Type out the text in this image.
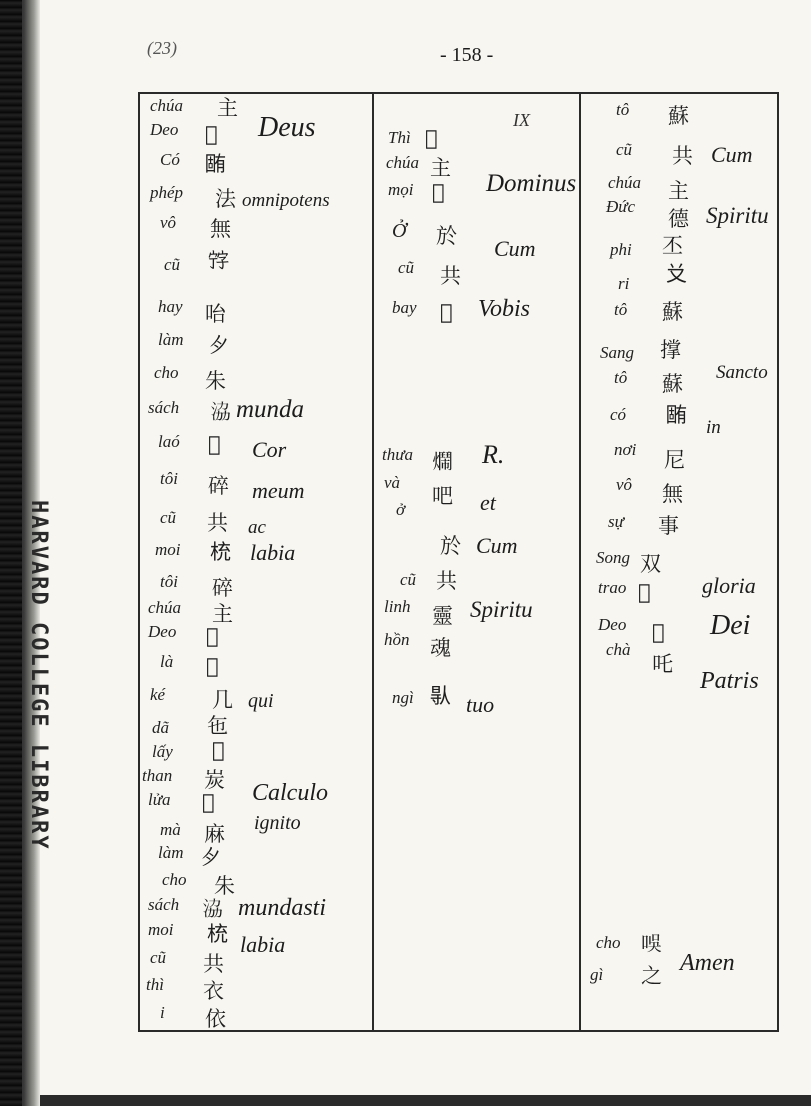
HARVARD COLLEGE LIBRARY
(23)	- 158 -
IX
chúa
Deo
Có
phép
vô
cũ
hay
làm
cho
sách
laó
tôi
cũ
moi
tôi
chúa
Deo
là
ké
dã
lấy
than
lửa
mà
làm
cho
sách
moi
cũ
thì
i
主
𢀨
𣎏
法
無
𡨸
咍
𫜵
朱
𣴚
𢚸
碎
共
𣑁
碎
主
𢀨
𪜀
几
㐌
𥙩
炭
𤈜
麻
𫜵
朱
𣴚
𣑁
共
衣
依
Deus
omnipotens
munda
Cor
meum
ac
labia
qui
Calculo
ignito
mundasti
labia
Thì
chúa
mọi
Ở
cũ
bay
thưa
và
ở
cũ
linh
hồn
ngì
𣅶
主
𢀨
於
共
𤳇
𤐛
吧
於
共
靈
魂
𠊛
Dominus
Cum
Vobis
R.
et
Cum
Spiritu
tuo
tô
cũ
chúa
Đức
phi
ri
tô
Sang
tô
có
nơi
vô
sự
Song
trao
Deo
chà
cho
gì
蘇
共
主
德
丕
𠬠
蘇
撑
蘇
𣎏
尼
無
事
双
𡲤
𢀨
吒
𠱐
之
Cum
Spiritu
Sancto
in
gloria
Dei
Patris
Amen
